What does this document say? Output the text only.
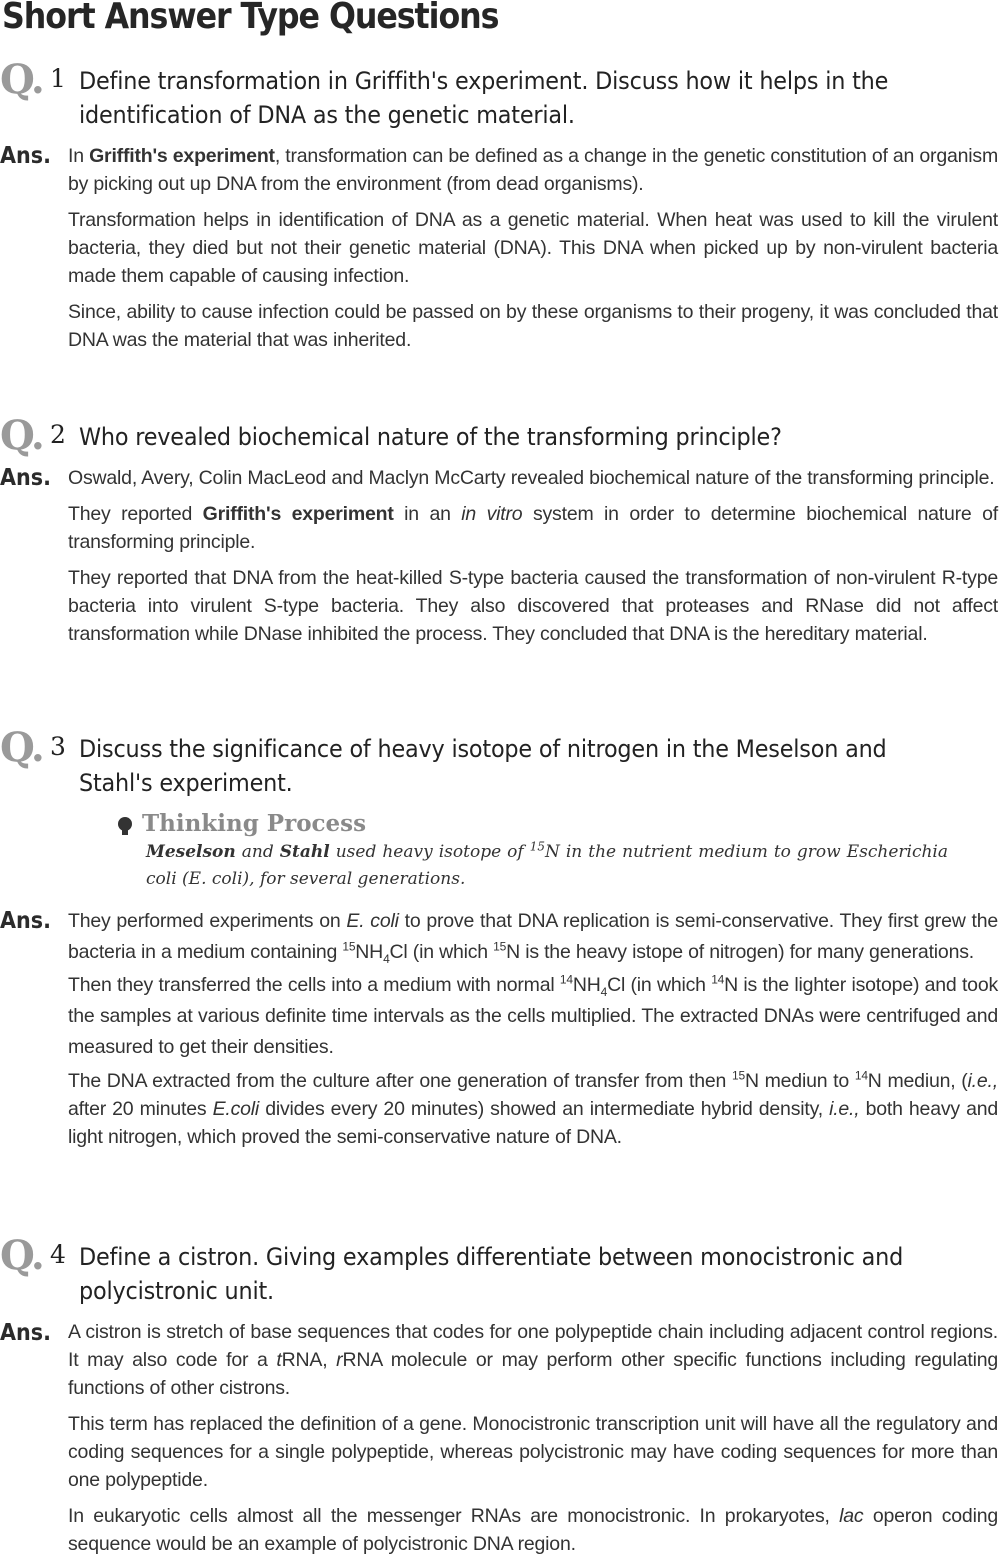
Short Answer Type Questions
Q. 1 Define transformation in Griffith's experiment. Discuss how it helps in the identification of DNA as the genetic material.
Ans. In Griffith's experiment, transformation can be defined as a change in the genetic constitution of an organism by picking out up DNA from the environment (from dead organisms).

Transformation helps in identification of DNA as a genetic material. When heat was used to kill the virulent bacteria, they died but not their genetic material (DNA). This DNA when picked up by non-virulent bacteria made them capable of causing infection.

Since, ability to cause infection could be passed on by these organisms to their progeny, it was concluded that DNA was the material that was inherited.

Q. 2 Who revealed biochemical nature of the transforming principle?
Ans. Oswald, Avery, Colin MacLeod and Maclyn McCarty revealed biochemical nature of the transforming principle.

They reported Griffith's experiment in an in vitro system in order to determine biochemical nature of transforming principle.

They reported that DNA from the heat-killed S-type bacteria caused the transformation of non-virulent R-type bacteria into virulent S-type bacteria. They also discovered that proteases and RNase did not affect transformation while DNase inhibited the process. They concluded that DNA is the hereditary material.

Q. 3 Discuss the significance of heavy isotope of nitrogen in the Meselson and Stahl's experiment.
Thinking Process

Meselson and Stahl used heavy isotope of $^{15}$N in the nutrient medium to grow Escherichia coli (E. coli), for several generations.

Ans. They performed experiments on E. coli to prove that DNA replication is semi-conservative. They first grew the bacteria in a medium containing $^{15}NH_4Cl$ (in which $^{15}$N is the heavy istope of nitrogen) for many generations.

Then they transferred the cells into a medium with normal $^{14}NH_4Cl$ (in which $^{14}$N is the lighter isotope) and took the samples at various definite time intervals as the cells multiplied. The extracted DNAs were centrifuged and measured to get their densities.

The DNA extracted from the culture after one generation of transfer from then $^{15}$N mediun to $^{14}$N mediun, (i.e., after 20 minutes E.coli divides every 20 minutes) showed an intermediate hybrid density, i.e., both heavy and light nitrogen, which proved the semi-conservative nature of DNA.

Q. 4 Define a cistron. Giving examples differentiate between monocistronic and polycistronic unit.
Ans. A cistron is stretch of base sequences that codes for one polypeptide chain including adjacent control regions. It may also code for a tRNA, rRNA molecule or may perform other specific functions including regulating functions of other cistrons.

This term has replaced the definition of a gene. Monocistronic transcription unit will have all the regulatory and coding sequences for a single polypeptide, whereas polycistronic may have coding sequences for more than one polypeptide.

In eukaryotic cells almost all the messenger RNAs are monocistronic. In prokaryotes, lac operon coding sequence would be an example of polycistronic DNA region.
